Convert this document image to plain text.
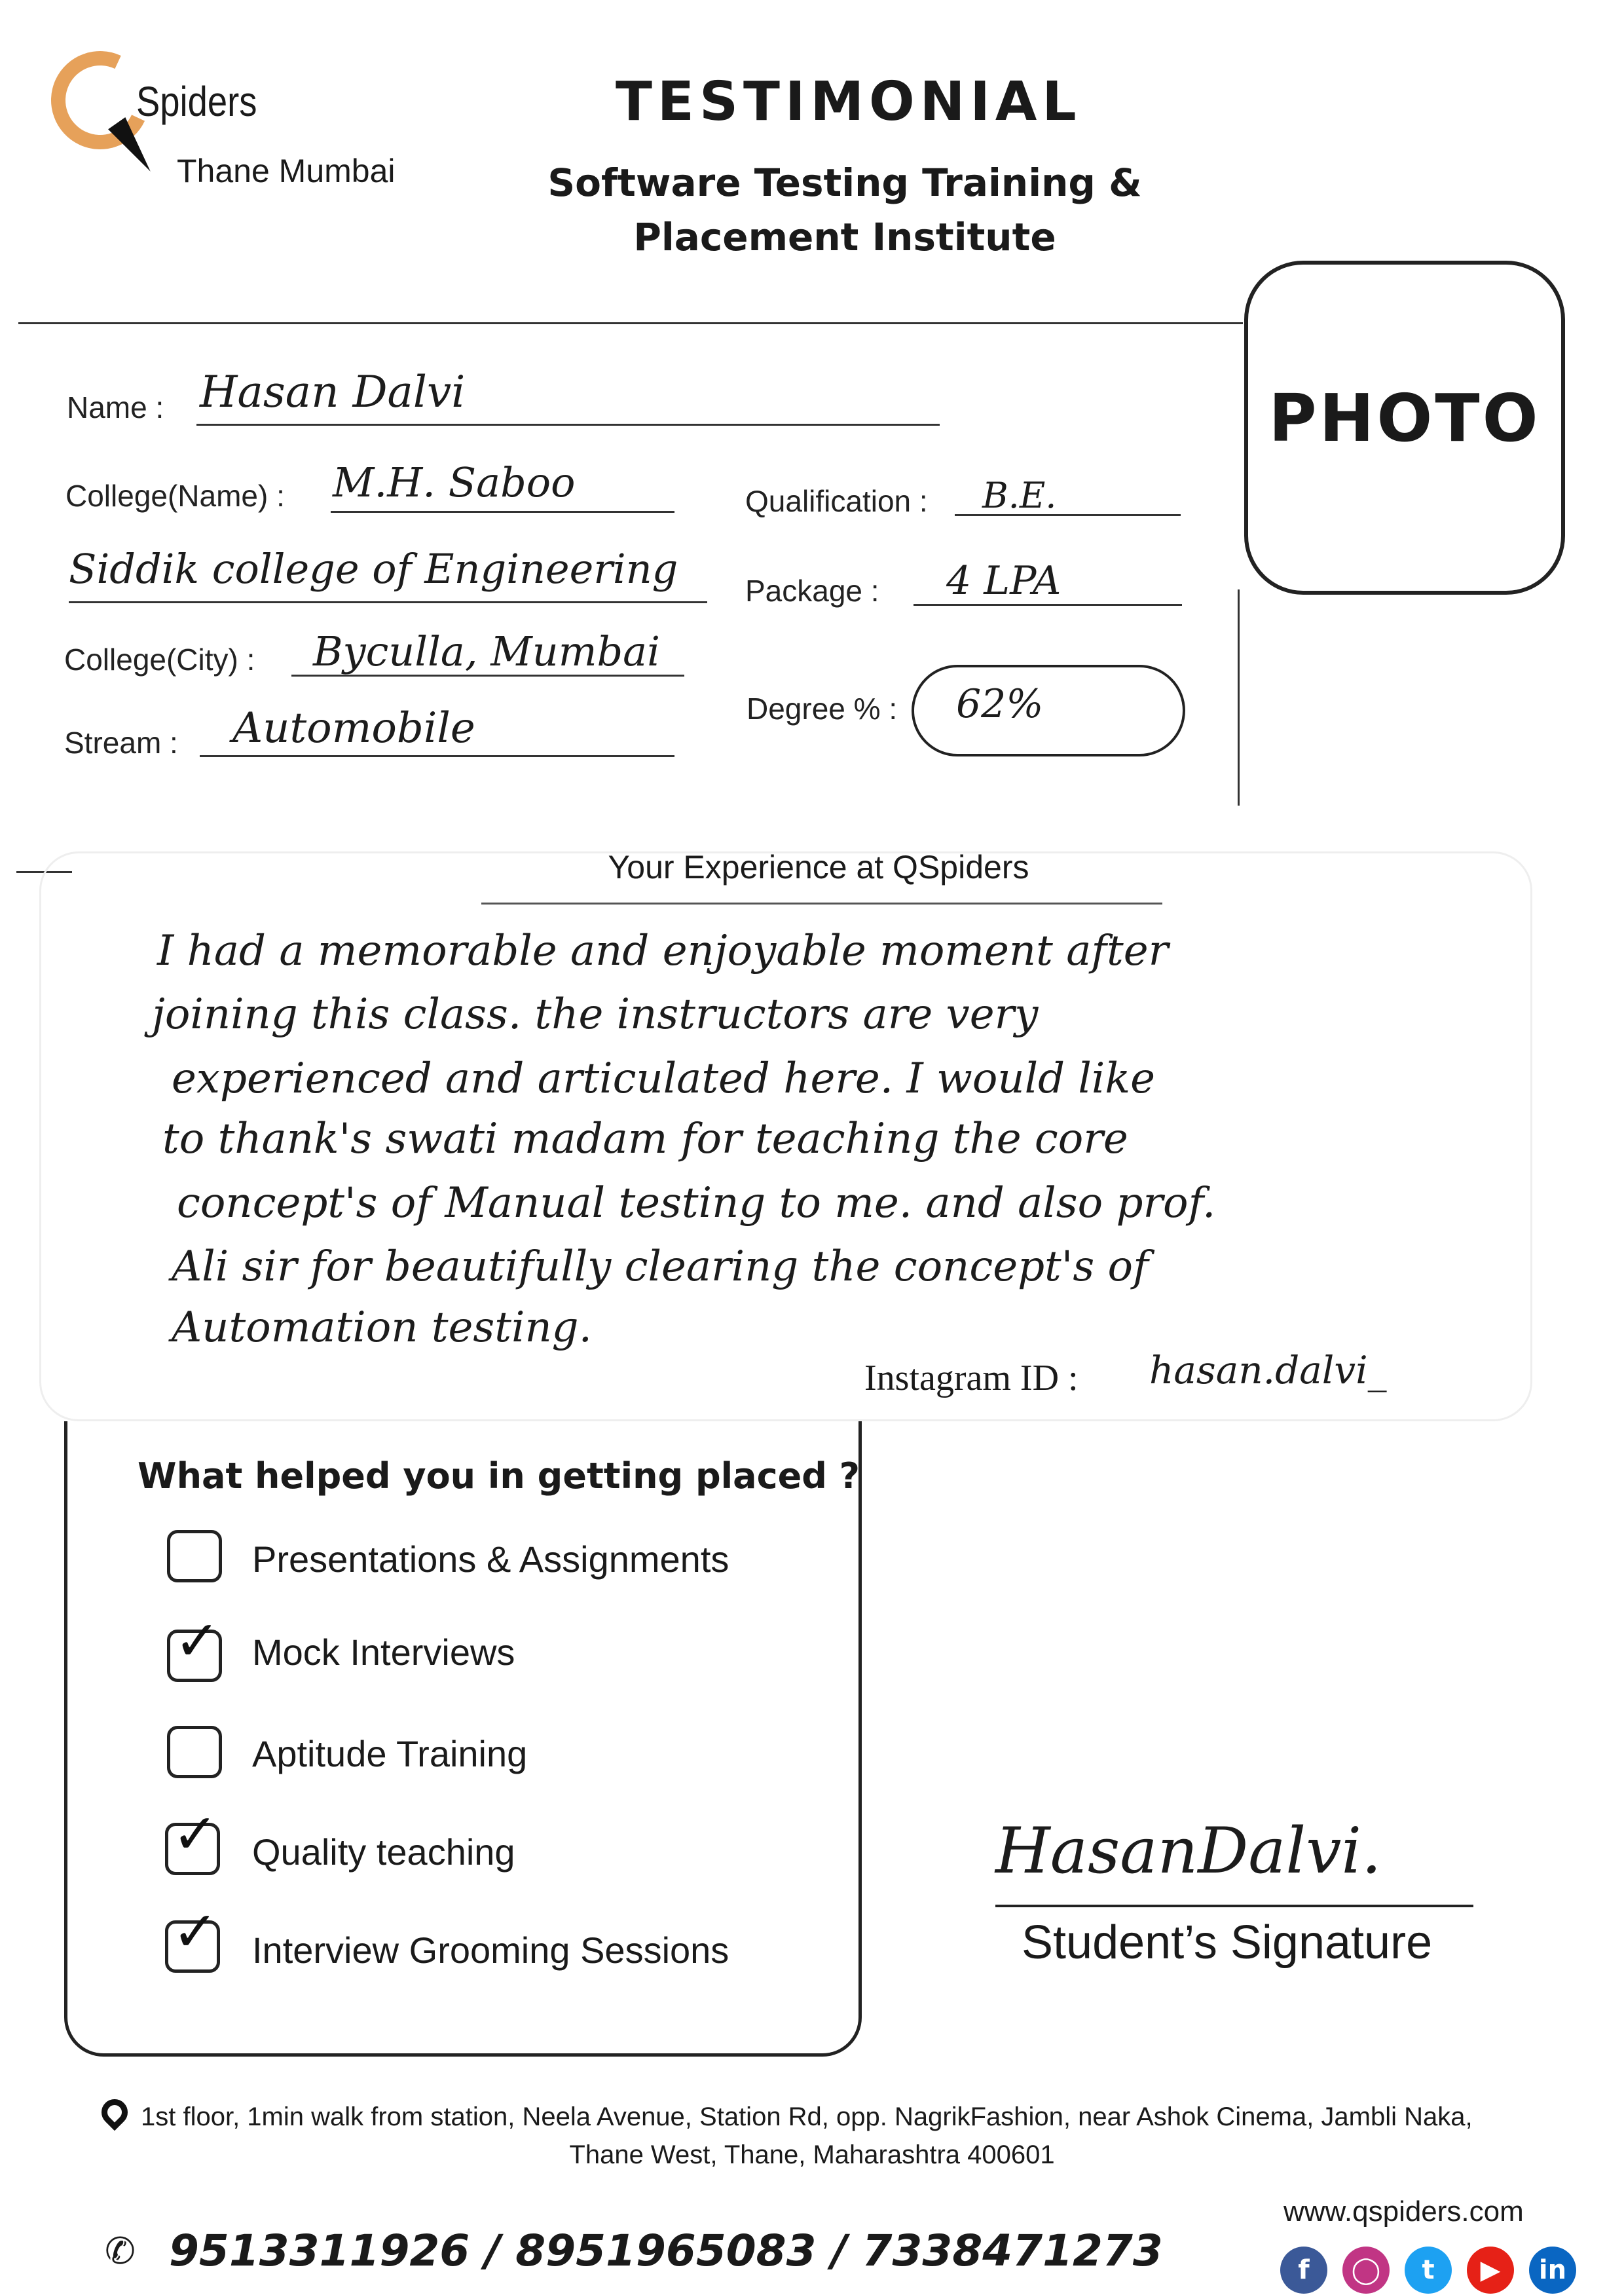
Spiders
Thane Mumbai
TESTIMONIAL
Software Testing Training &
Placement Institute
PHOTO
Name : Hasan Dalvi
College(Name) : M.H. Saboo
Siddik college of Engineering
Qualification : B.E.
Package : 4 LPA
College(City) : Byculla, Mumbai
Degree % : 62%
Stream : Automobile
Your Experience at QSpiders
I had a memorable and enjoyable moment after
joining this class. the instructors are very
experienced and articulated here. I would like
to thank's swati madam for teaching the core
concept's of Manual testing to me. and also prof.
Ali sir for beautifully clearing the concept's of
Automation testing.
Instagram ID : hasan.dalvi_
What helped you in getting placed ?
Presentations & Assignments
✓ Mock Interviews
Aptitude Training
✓ Quality teaching
✓ Interview Grooming Sessions
HasanDalvi.
Student’s Signature
1st floor, 1min walk from station, Neela Avenue, Station Rd, opp. NagrikFashion, near Ashok Cinema, Jambli Naka,
Thane West, Thane, Maharashtra 400601
www.qspiders.com
✆ 9513311926 / 8951965083 / 7338471273	f	◯	t	▶	in
